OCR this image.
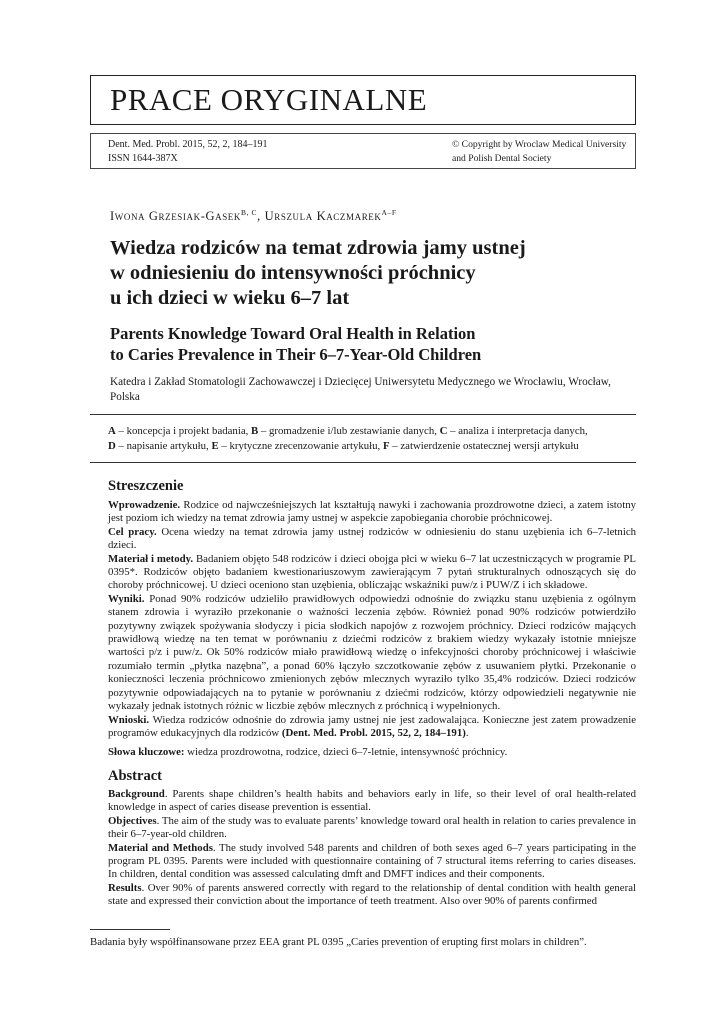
PRACE ORYGINALNE
Dent. Med. Probl. 2015, 52, 2, 184–191
ISSN 1644-387X
© Copyright by Wroclaw Medical University
and Polish Dental Society
Iwona Grzesiak-Gasek$^{B, C}$, Urszula Kaczmarek$^{A-F}$
Wiedza rodziców na temat zdrowia jamy ustnej
w odniesieniu do intensywności próchnicy
u ich dzieci w wieku 6–7 lat
Parents Knowledge Toward Oral Health in Relation
to Caries Prevalence in Their 6–7-Year-Old Children
Katedra i Zakład Stomatologii Zachowawczej i Dziecięcej Uniwersytetu Medycznego we Wrocławiu, Wrocław, Polska
A – koncepcja i projekt badania, B – gromadzenie i/lub zestawianie danych, C – analiza i interpretacja danych,
D – napisanie artykułu, E – krytyczne zrecenzowanie artykułu, F – zatwierdzenie ostatecznej wersji artykułu
Streszczenie

Wprowadzenie. Rodzice od najwcześniejszych lat kształtują nawyki i zachowania prozdrowotne dzieci, a zatem istotny jest poziom ich wiedzy na temat zdrowia jamy ustnej w aspekcie zapobiegania chorobie próchnicowej.

Cel pracy. Ocena wiedzy na temat zdrowia jamy ustnej rodziców w odniesieniu do stanu uzębienia ich 6–7-letnich dzieci.

Materiał i metody. Badaniem objęto 548 rodziców i dzieci obojga płci w wieku 6–7 lat uczestniczących w programie PL 0395*. Rodziców objęto badaniem kwestionariuszowym zawierającym 7 pytań strukturalnych odnoszących się do choroby próchnicowej. U dzieci oceniono stan uzębienia, obliczając wskaźniki puw/z i PUW/Z i ich składowe.

Wyniki. Ponad 90% rodziców udzieliło prawidłowych odpowiedzi odnośnie do związku stanu uzębienia z ogólnym stanem zdrowia i wyraziło przekonanie o ważności leczenia zębów. Również ponad 90% rodziców potwierdziło pozytywny związek spożywania słodyczy i picia słodkich napojów z rozwojem próchnicy. Dzieci rodziców mających prawidłową wiedzę na ten temat w porównaniu z dziećmi rodziców z brakiem wiedzy wykazały istotnie mniejsze wartości p/z i puw/z. Ok 50% rodziców miało prawidłową wiedzę o infekcyjności choroby próchnicowej i właściwie rozumiało termin „płytka nazębna”, a ponad 60% łączyło szczotkowanie zębów z usuwaniem płytki. Przekonanie o konieczności leczenia próchnicowo zmienionych zębów mlecznych wyraziło tylko 35,4% rodziców. Dzieci rodziców pozytywnie odpowiadających na to pytanie w porównaniu z dziećmi rodziców, którzy odpowiedzieli negatywnie nie wykazały jednak istotnych różnic w liczbie zębów mlecznych z próchnicą i wypełnionych.

Wnioski. Wiedza rodziców odnośnie do zdrowia jamy ustnej nie jest zadowalająca. Konieczne jest zatem prowadzenie programów edukacyjnych dla rodziców (Dent. Med. Probl. 2015, 52, 2, 184–191).

Słowa kluczowe: wiedza prozdrowotna, rodzice, dzieci 6–7-letnie, intensywność próchnicy.

Abstract

Background. Parents shape children’s health habits and behaviors early in life, so their level of oral health-related knowledge in aspect of caries disease prevention is essential.

Objectives. The aim of the study was to evaluate parents’ knowledge toward oral health in relation to caries prevalence in their 6–7-year-old children.

Material and Methods. The study involved 548 parents and children of both sexes aged 6–7 years participating in the program PL 0395. Parents were included with questionnaire containing of 7 structural items referring to caries diseases. In children, dental condition was assessed calculating dmft and DMFT indices and their components.

Results. Over 90% of parents answered correctly with regard to the relationship of dental condition with health general state and expressed their conviction about the importance of teeth treatment. Also over 90% of parents confirmed

Badania były współfinansowane przez EEA grant PL 0395 „Caries prevention of erupting first molars in children”.
